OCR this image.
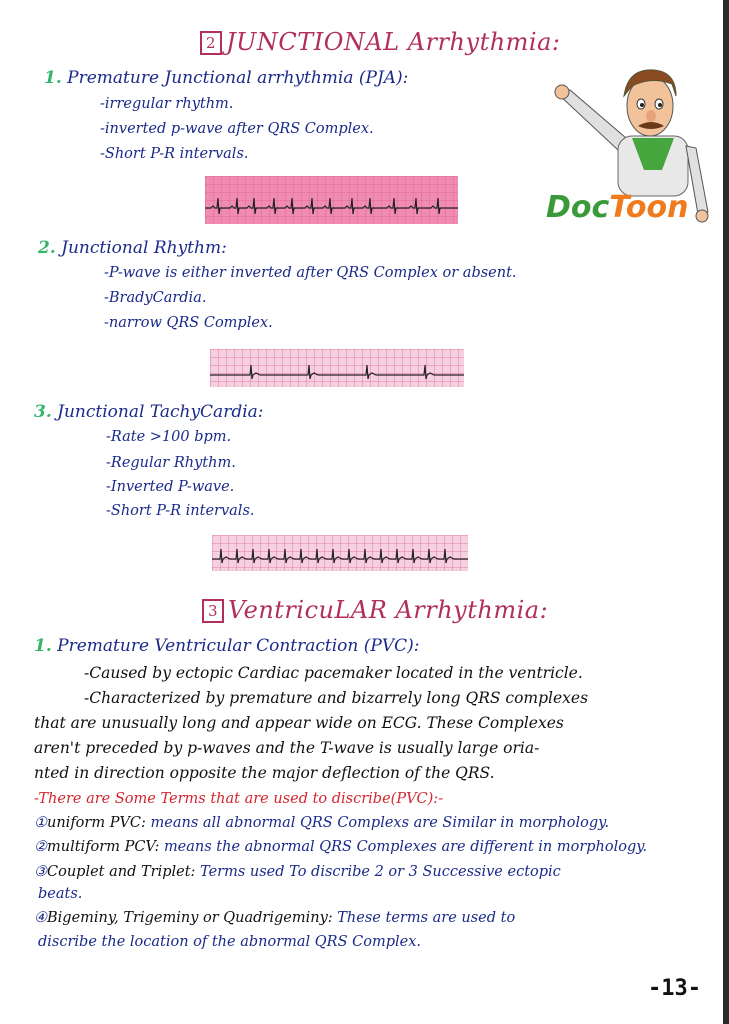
2 JUNCTIONAL Arrhythmia:
1. Premature Junctional arrhythmia (PJA):
-irregular rhythm.
-inverted p-wave after QRS Complex.
-Short P-R intervals.
DocToon
2. Junctional Rhythm:
-P-wave is either inverted after QRS Complex or absent.
-BradyCardia.
-narrow QRS Complex.
3. Junctional TachyCardia:
-Rate >100 bpm.
-Regular Rhythm.
-Inverted P-wave.
-Short P-R intervals.
3 VentricuLAR Arrhythmia:
1. Premature Ventricular Contraction (PVC):
-Caused by ectopic Cardiac pacemaker located in the ventricle.
-Characterized by premature and bizarrely long QRS complexes
that are unusually long and appear wide on ECG. These Complexes
aren't preceded by p-waves and the T-wave is usually large oria-
nted in direction opposite the major deflection of the QRS.
-There are Some Terms that are used to discribe(PVC):-
①uniform PVC: means all abnormal QRS Complexs are Similar in morphology.
②multiform PCV: means the abnormal QRS Complexes are different in morphology.
③Couplet and Triplet: Terms used To discribe 2 or 3 Successive ectopic
beats.
④Bigeminy, Trigeminy or Quadrigeminy: These terms are used to
discribe the location of the abnormal QRS Complex.
-13-
